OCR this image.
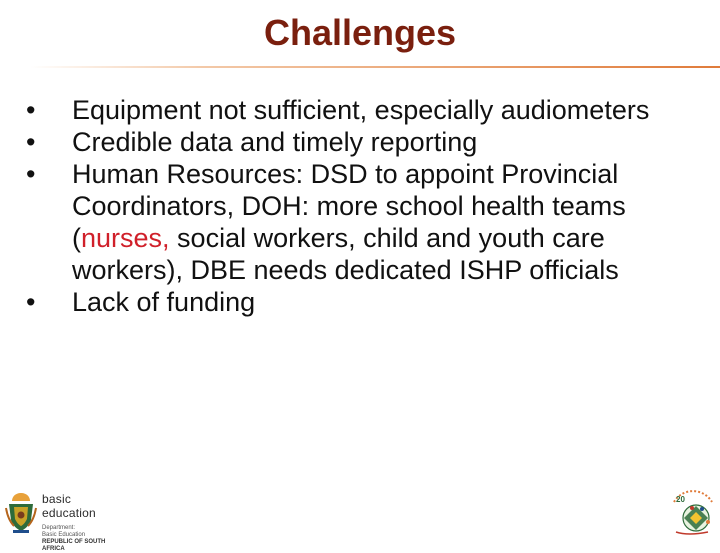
Challenges
• Equipment not sufficient, especially audiometers
• Credible data and timely reporting
• Human Resources: DSD to appoint Provincial Coordinators, DOH: more school health teams (nurses, social workers, child and youth care workers), DBE needs dedicated ISHP officials
• Lack of funding
basic education
Department:
Basic Education
REPUBLIC OF SOUTH AFRICA
20
